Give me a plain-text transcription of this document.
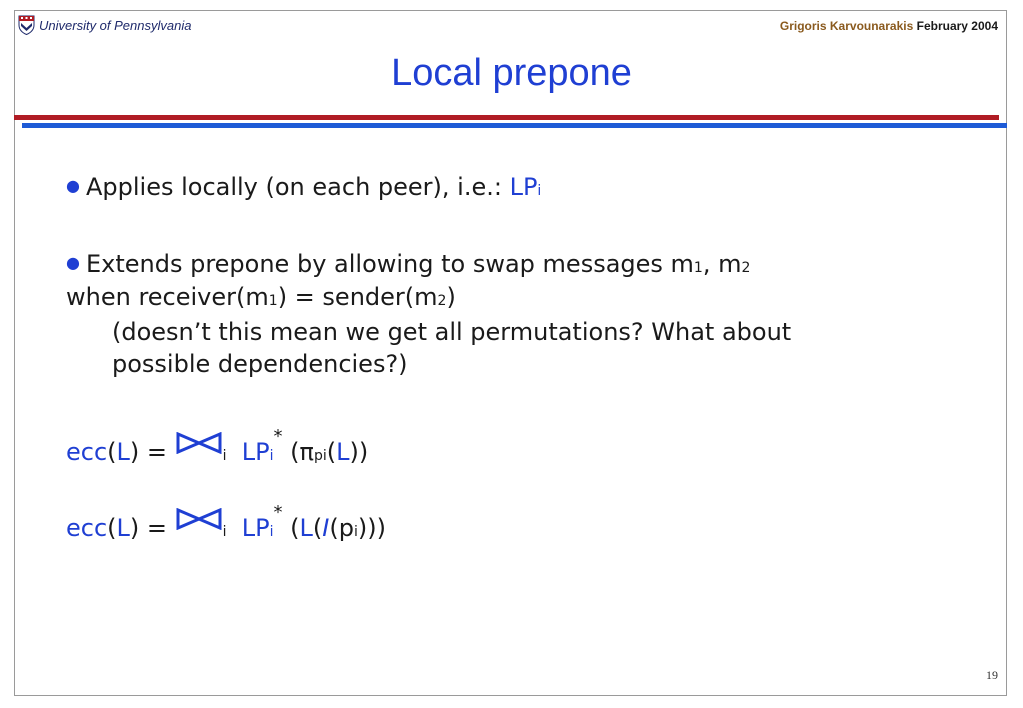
University of Pennsylvania	Grigoris Karvounarakis February 2004
Local prepone
● Applies locally (on each peer), i.e.: LPi
● Extends prepone by allowing to swap messages m1, m2
when receiver(m1) = sender(m2)
(doesn’t this mean we get all permutations? What about
possible dependencies?)
ecc(L) =	i LPi* (πpi(L))
ecc(L) =	i LPi* (L(I(pi)))
19
